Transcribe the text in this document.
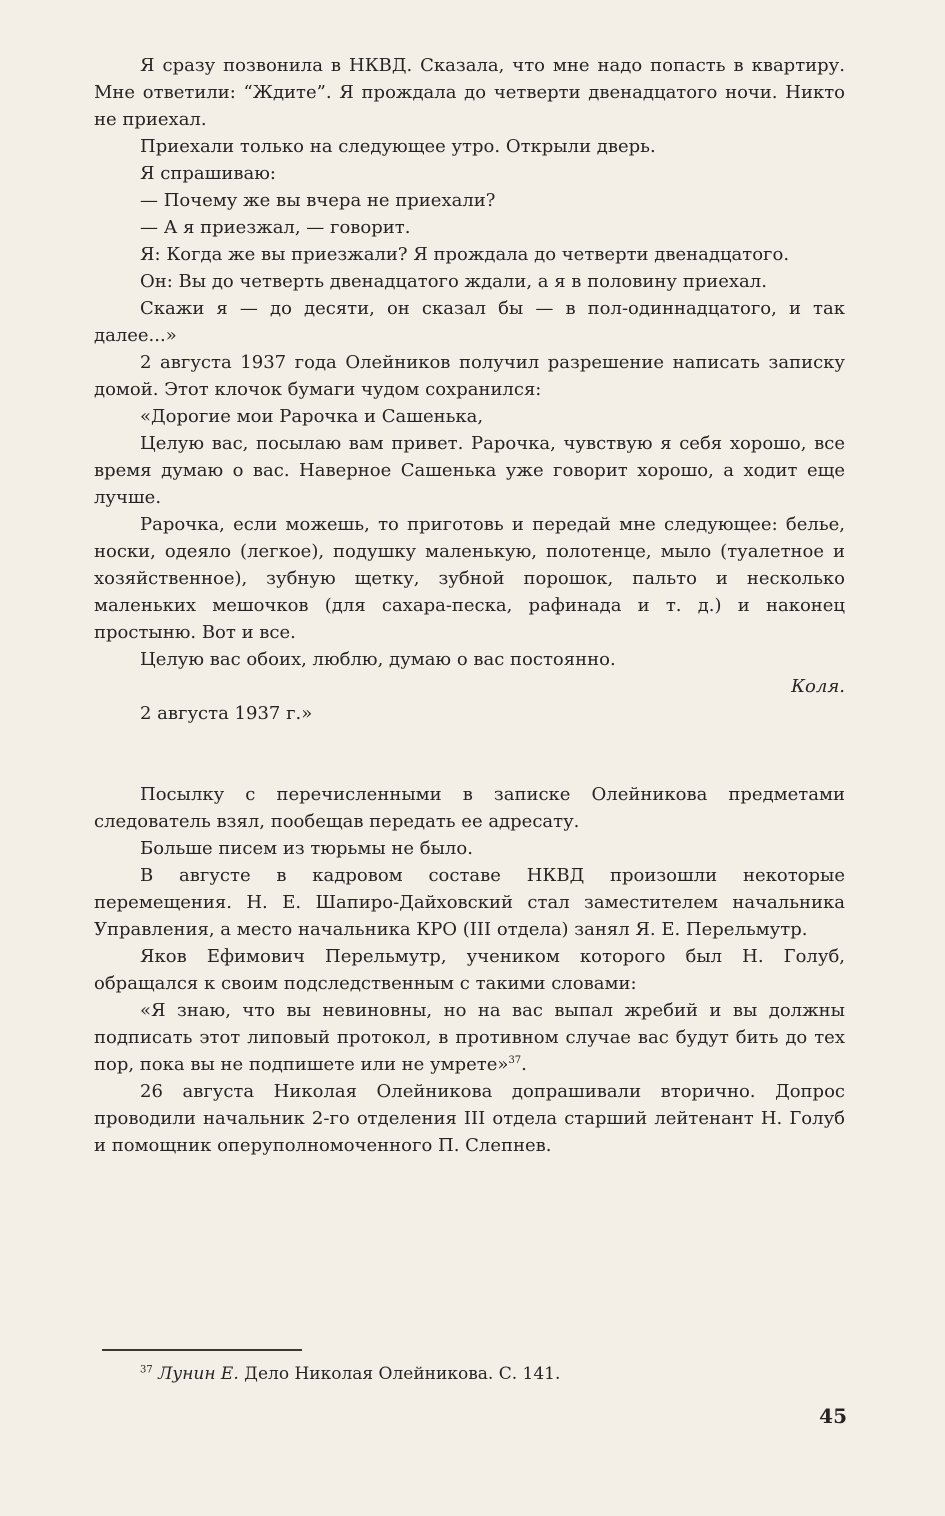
Я сразу позвонила в НКВД. Сказала, что мне надо попасть в квартиру. Мне ответили: “Ждите”. Я прождала до четверти двенадцатого ночи. Никто не приехал.

Приехали только на следующее утро. Открыли дверь.

Я спрашиваю:

— Почему же вы вчера не приехали?

— А я приезжал, — говорит.

Я: Когда же вы приезжали? Я прождала до четверти двенадцатого.

Он: Вы до четверть двенадцатого ждали, а я в половину приехал.

Скажи я — до десяти, он сказал бы — в пол-одиннадцатого, и так далее...»

2 августа 1937 года Олейников получил разрешение написать записку домой. Этот клочок бумаги чудом сохранился:

«Дорогие мои Рарочка и Сашенька,

Целую вас, посылаю вам привет. Рарочка, чувствую я себя хорошо, все время думаю о вас. Наверное Сашенька уже говорит хорошо, а ходит еще лучше.

Рарочка, если можешь, то приготовь и передай мне следующее: белье, носки, одеяло (легкое), подушку маленькую, полотенце, мыло (туалетное и хозяйственное), зубную щетку, зубной порошок, пальто и несколько маленьких мешочков (для сахара-песка, рафинада и т. д.) и наконец простыню. Вот и все.

Целую вас обоих, люблю, думаю о вас постоянно.

Коля.

2 августа 1937 г.»

Посылку с перечисленными в записке Олейникова предметами следователь взял, пообещав передать ее адресату.

Больше писем из тюрьмы не было.

В августе в кадровом составе НКВД произошли некоторые перемещения. Н. Е. Шапиро-Дайховский стал заместителем начальника Управления, а место начальника КРО (III отдела) занял Я. Е. Перельмутр.

Яков Ефимович Перельмутр, учеником которого был Н. Голуб, обращался к своим подследственным с такими словами:

«Я знаю, что вы невиновны, но на вас выпал жребий и вы должны подписать этот липовый протокол, в противном случае вас будут бить до тех пор, пока вы не подпишете или не умрете»$^{37}$.

26 августа Николая Олейникова допрашивали вторично. Допрос проводили начальник 2-го отделения III отдела старший лейтенант Н. Голуб и помощник оперуполномоченного П. Слепнев.

$^{37}$ Лунин Е. Дело Николая Олейникова. С. 141.
45
